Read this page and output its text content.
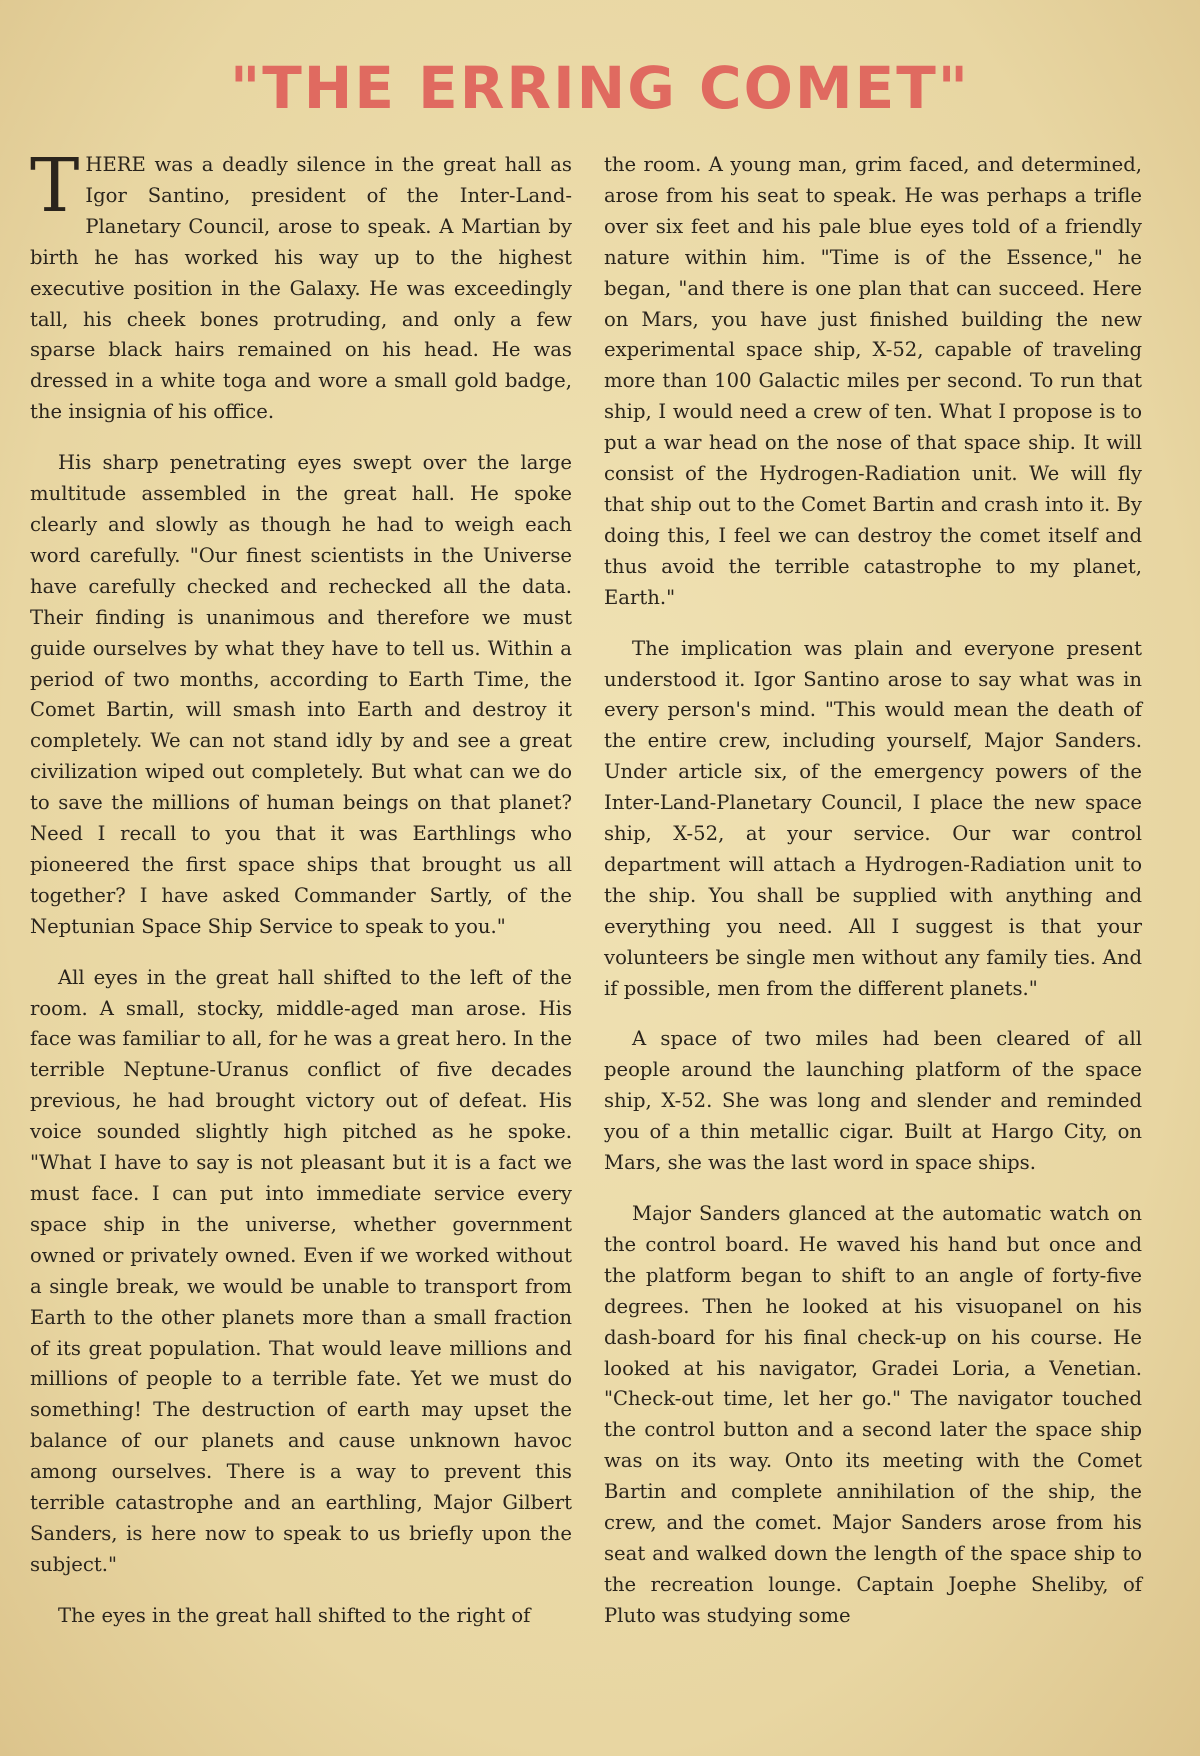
"THE ERRING COMET"

THERE was a deadly silence in the great hall as Igor Santino, president of the Inter-Land-Planetary Council, arose to speak. A Martian by birth he has worked his way up to the highest executive position in the Galaxy. He was exceedingly tall, his cheek bones protruding, and only a few sparse black hairs remained on his head. He was dressed in a white toga and wore a small gold badge, the insignia of his office.

His sharp penetrating eyes swept over the large multitude assembled in the great hall. He spoke clearly and slowly as though he had to weigh each word carefully. "Our finest scientists in the Universe have carefully checked and rechecked all the data. Their finding is unanimous and therefore we must guide ourselves by what they have to tell us. Within a period of two months, according to Earth Time, the Comet Bartin, will smash into Earth and destroy it completely. We can not stand idly by and see a great civilization wiped out completely. But what can we do to save the millions of human beings on that planet? Need I recall to you that it was Earthlings who pioneered the first space ships that brought us all together? I have asked Commander Sartly, of the Neptunian Space Ship Service to speak to you."

All eyes in the great hall shifted to the left of the room. A small, stocky, middle-aged man arose. His face was familiar to all, for he was a great hero. In the terrible Neptune-Uranus conflict of five decades previous, he had brought victory out of defeat. His voice sounded slightly high pitched as he spoke. "What I have to say is not pleasant but it is a fact we must face. I can put into immediate service every space ship in the universe, whether government owned or privately owned. Even if we worked without a single break, we would be unable to transport from Earth to the other planets more than a small fraction of its great population. That would leave millions and millions of people to a terrible fate. Yet we must do something! The destruction of earth may upset the balance of our planets and cause unknown havoc among ourselves. There is a way to prevent this terrible catastrophe and an earthling, Major Gilbert Sanders, is here now to speak to us briefly upon the subject."

The eyes in the great hall shifted to the right of

the room. A young man, grim faced, and determined, arose from his seat to speak. He was perhaps a trifle over six feet and his pale blue eyes told of a friendly nature within him. "Time is of the Essence," he began, "and there is one plan that can succeed. Here on Mars, you have just finished building the new experimental space ship, X-52, capable of traveling more than 100 Galactic miles per second. To run that ship, I would need a crew of ten. What I propose is to put a war head on the nose of that space ship. It will consist of the Hydrogen-Radiation unit. We will fly that ship out to the Comet Bartin and crash into it. By doing this, I feel we can destroy the comet itself and thus avoid the terrible catastrophe to my planet, Earth."

The implication was plain and everyone present understood it. Igor Santino arose to say what was in every person's mind. "This would mean the death of the entire crew, including yourself, Major Sanders. Under article six, of the emergency powers of the Inter-Land-Planetary Council, I place the new space ship, X-52, at your service. Our war control department will attach a Hydrogen-Radiation unit to the ship. You shall be supplied with anything and everything you need. All I suggest is that your volunteers be single men without any family ties. And if possible, men from the different planets."

A space of two miles had been cleared of all people around the launching platform of the space ship, X-52. She was long and slender and reminded you of a thin metallic cigar. Built at Hargo City, on Mars, she was the last word in space ships.

Major Sanders glanced at the automatic watch on the control board. He waved his hand but once and the platform began to shift to an angle of forty-five degrees. Then he looked at his visuopanel on his dash-board for his final check-up on his course. He looked at his navigator, Gradei Loria, a Venetian. "Check-out time, let her go." The navigator touched the control button and a second later the space ship was on its way. Onto its meeting with the Comet Bartin and complete annihilation of the ship, the crew, and the comet. Major Sanders arose from his seat and walked down the length of the space ship to the recreation lounge. Captain Joephe Sheliby, of Pluto was studying some
